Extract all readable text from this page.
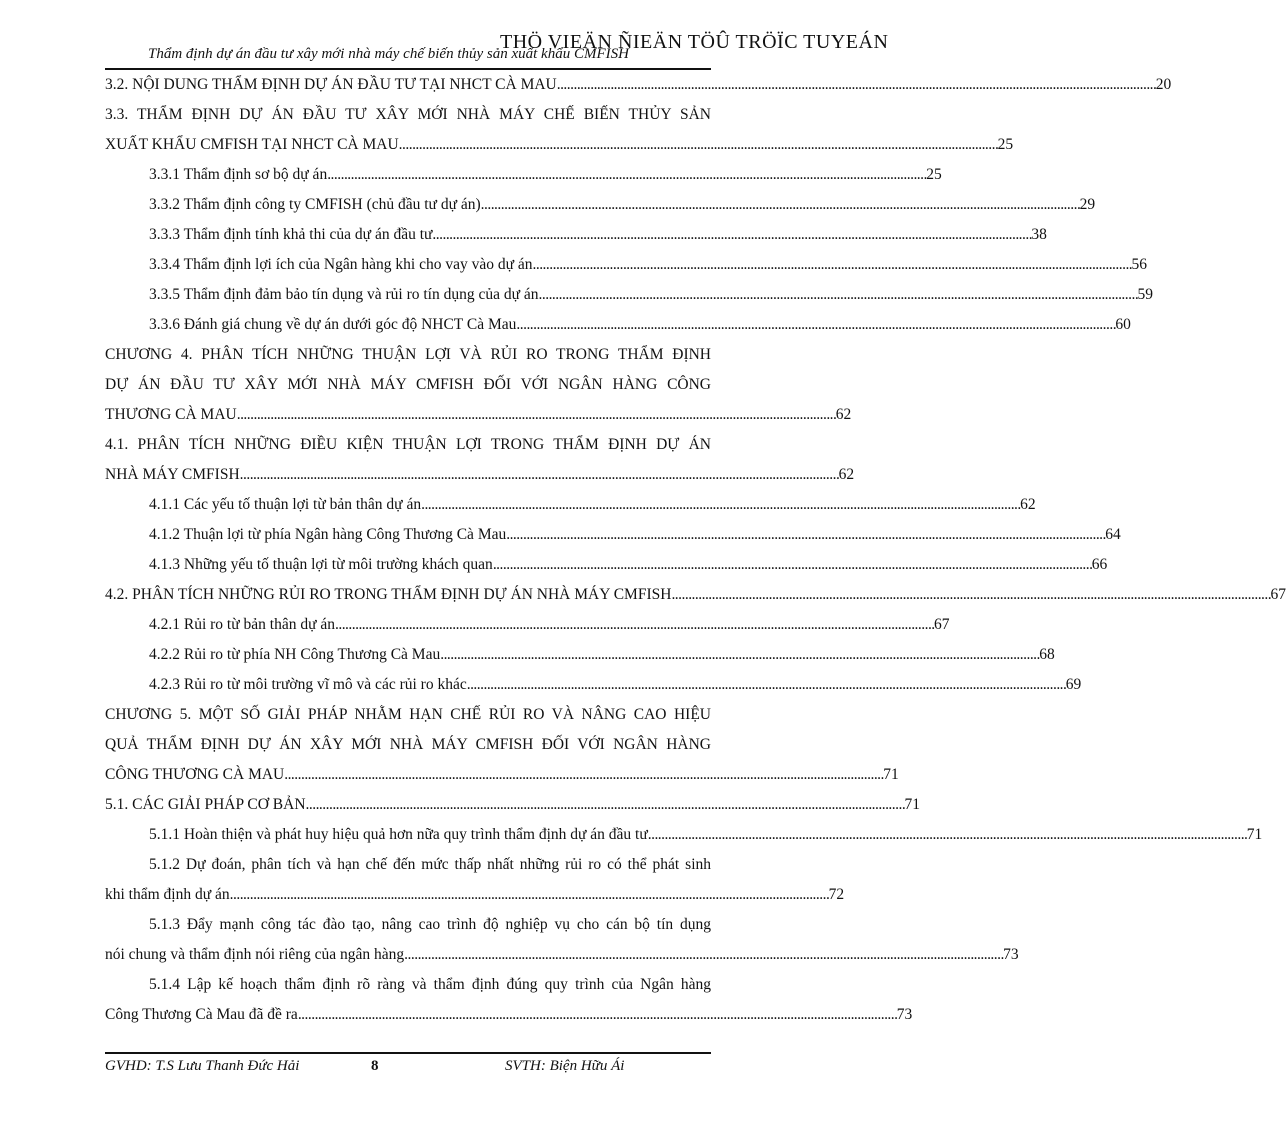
THÖ VIEÄN ÑIEÄN TÖÛ TRÖÏC TUYEÁN
Thẩm định dự án đầu tư xây mới nhà máy chế biến thủy sản xuất khẩu CMFISH
3.2. NỘI DUNG THẨM ĐỊNH DỰ ÁN ĐẦU TƯ TẠI NHCT CÀ MAU . . .	20
3.3. THẨM ĐỊNH DỰ ÁN ĐẦU TƯ XÂY MỚI NHÀ MÁY CHẾ BIẾN THỦY SẢN
XUẤT KHẨU CMFISH TẠI NHCT CÀ MAU . . .	25
3.3.1 Thẩm định sơ bộ dự án . . .	25
3.3.2 Thẩm định công ty CMFISH (chủ đầu tư dự án) . . .	29
3.3.3 Thẩm định tính khả thi của dự án đầu tư . . .	38
3.3.4 Thẩm định lợi ích của Ngân hàng khi cho vay vào dự án . . .	56
3.3.5 Thẩm định đảm bảo tín dụng và rủi ro tín dụng của dự án . . .	59
3.3.6 Đánh giá chung về dự án dưới góc độ NHCT Cà Mau . . .	60
CHƯƠNG 4. PHÂN TÍCH NHỮNG THUẬN LỢI VÀ RỦI RO TRONG THẨM ĐỊNH
DỰ ÁN ĐẦU TƯ XÂY MỚI NHÀ MÁY CMFISH ĐỐI VỚI NGÂN HÀNG CÔNG
THƯƠNG CÀ MAU . . .	62
4.1. PHÂN TÍCH NHỮNG ĐIỀU KIỆN THUẬN LỢI TRONG THẨM ĐỊNH DỰ ÁN
NHÀ MÁY CMFISH . . .	62
4.1.1 Các yếu tố thuận lợi từ bản thân dự án . . .	62
4.1.2 Thuận lợi từ phía Ngân hàng Công Thương Cà Mau . . .	64
4.1.3 Những yếu tố thuận lợi từ môi trường khách quan . . .	66
4.2. PHÂN TÍCH NHỮNG RỦI RO TRONG THẨM ĐỊNH DỰ ÁN NHÀ MÁY CMFISH . . .	67
4.2.1 Rủi ro từ bản thân dự án . . .	67
4.2.2 Rủi ro từ phía NH Công Thương Cà Mau . . .	68
4.2.3 Rủi ro từ môi trường vĩ mô và các rủi ro khác . . .	69
CHƯƠNG 5. MỘT SỐ GIẢI PHÁP NHẰM HẠN CHẾ RỦI RO VÀ NÂNG CAO HIỆU
QUẢ THẨM ĐỊNH DỰ ÁN XÂY MỚI NHÀ MÁY CMFISH ĐỐI VỚI NGÂN HÀNG
CÔNG THƯƠNG CÀ MAU . . .	71
5.1. CÁC GIẢI PHÁP CƠ BẢN . . .	71
5.1.1 Hoàn thiện và phát huy hiệu quả hơn nữa quy trình thẩm định dự án đầu tư . . .	71
5.1.2 Dự đoán, phân tích và hạn chế đến mức thấp nhất những rủi ro có thể phát sinh
khi thẩm định dự án . . .	72
5.1.3 Đẩy mạnh công tác đào tạo, nâng cao trình độ nghiệp vụ cho cán bộ tín dụng
nói chung và thẩm định nói riêng của ngân hàng . . .	73
5.1.4 Lập kế hoạch thẩm định rõ ràng và thẩm định đúng quy trình của Ngân hàng
Công Thương Cà Mau đã đề ra . . .	73
GVHD: T.S Lưu Thanh Đức Hải	8	SVTH: Biện Hữu Ái
